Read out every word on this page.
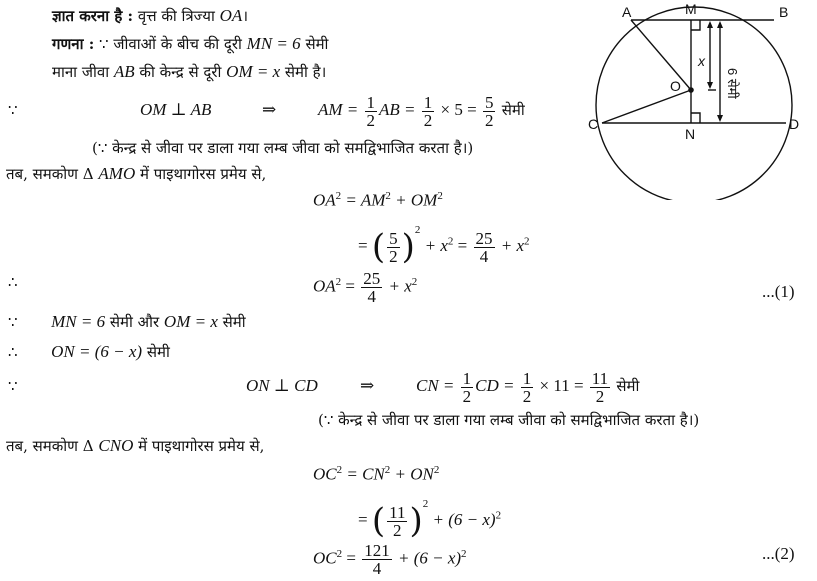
ज्ञात करना है : वृत्त की त्रिज्या OA।
गणना : ∵ जीवाओं के बीच की दूरी MN = 6 सेमी
माना जीवा AB की केन्द्र से दूरी OM = x सेमी है।
∵	OM ⊥ AB	⇒ AM = $\frac{1}{2}$ AB = $\frac{1}{2} \times 5 = \frac{5}{2}$ सेमी
(∵ केन्द्र से जीवा पर डाला गया लम्ब जीवा को समद्विभाजित करता है।)
तब, समकोण Δ AMO में पाइथागोरस प्रमेय से,
$OA^2 = AM^2 + OM^2$
= ( $\frac{5}{2} )^2 + x^2 = \frac{25}{4} + x^2$
∴	$OA^2 = \frac{25}{4} + x^2$	...(1)
∵ MN = 6 सेमी और OM = x सेमी
∴ ON = (6 − x) सेमी
∵	ON ⊥ CD ⇒ CN = $\frac{1}{2}$ CD = $\frac{1}{2} \times 11 = \frac{11}{2}$ सेमी
(∵ केन्द्र से जीवा पर डाला गया लम्ब जीवा को समद्विभाजित करता है।)
तब, समकोण Δ CNO में पाइथागोरस प्रमेय से,
$OC^2 = CN^2 + ON^2$
= ( $\frac{11}{2} )^2 + (6 - x)^2$
$OC^2 = \frac{121}{4} + (6 - x)^2$	...(2)
A	M	B
O
C
N
D
x
6 सेमी
